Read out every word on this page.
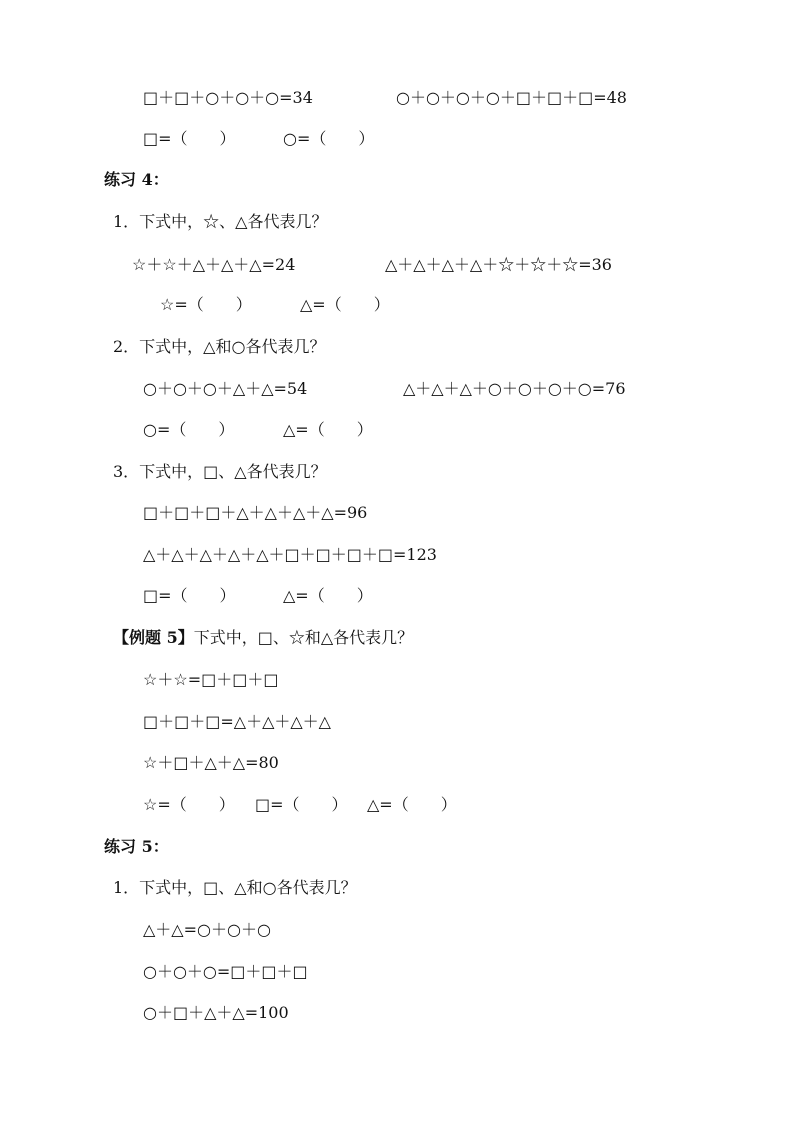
□＋□＋○＋○＋○=34	○＋○＋○＋○＋□＋□＋□=48
□=（　　）	○=（　　）
练习 4：
1．下式中，☆、△各代表几？
☆＋☆＋△＋△＋△=24	△＋△＋△＋△＋☆＋☆＋☆=36
☆=（　　）	△=（　　）
2．下式中，△和○各代表几？
○＋○＋○＋△＋△=54	△＋△＋△＋○＋○＋○＋○=76
○=（　　）	△=（　　）
3．下式中，□、△各代表几？
□＋□＋□＋△＋△＋△＋△=96
△＋△＋△＋△＋△＋□＋□＋□＋□=123
□=（　　）	△=（　　）
【例题 5】下式中，□、☆和△各代表几？
☆＋☆=□＋□＋□
□＋□＋□=△＋△＋△＋△
☆＋□＋△＋△=80
☆=（　　） □=（　　） △=（　　）
练习 5：
1．下式中，□、△和○各代表几？
△＋△=○＋○＋○
○＋○＋○=□＋□＋□
○＋□＋△＋△=100
